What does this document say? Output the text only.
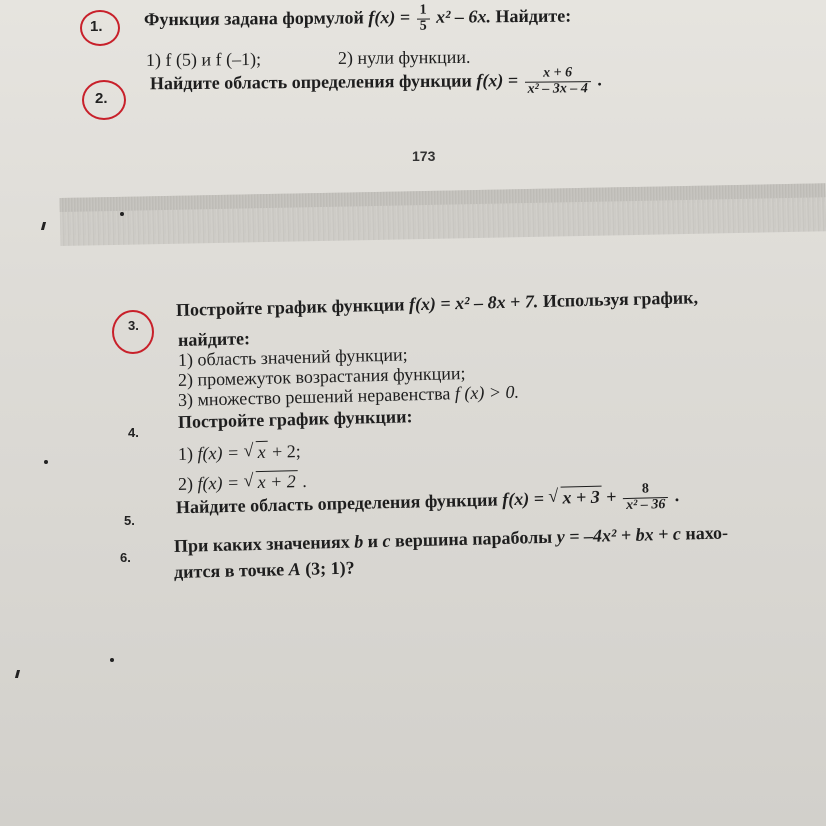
1. Функция задана формулой $f(x) = \frac{1}{5} x^2 - 6x$. Найдите:
1) f (5) и f (–1);	2) нули функции.
2.
Найдите область определения функции $f(x) = \frac{x + 6}{\text{x² – 3x – 4}}$ .
173
3.
Постройте график функции f(x) = x² – 8x + 7. Используя график,
найдите:
1) область значений функции;
2) промежуток возрастания функции;
3) множество решений неравенства f (x) > 0.
4.
Постройте график функции:
1) f(x) = √ x + 2;
2) f(x) = √ x + 2 .
5.
Найдите область определения функции f(x) = √ $x + 3 + \frac{8}{\text{x² – 36}}$ .
6.
При каких значениях b и c вершина параболы y = –4x² + bx + c нахо-
дится в точке A (3; 1)?
